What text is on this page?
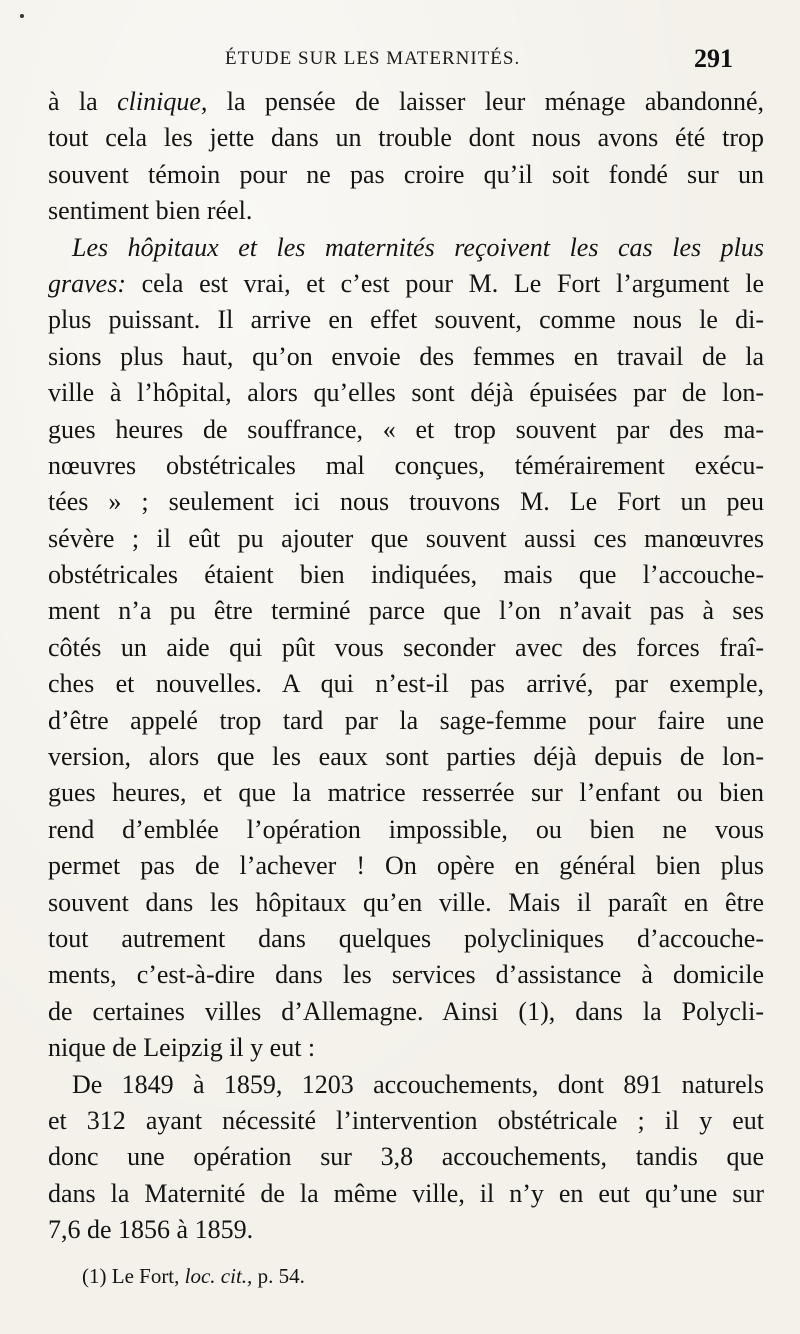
ÉTUDE SUR LES MATERNITÉS.	291
à la clinique, la pensée de laisser leur ménage abandonné,
tout cela les jette dans un trouble dont nous avons été trop
souvent témoin pour ne pas croire qu’il soit fondé sur un
sentiment bien réel.
Les hôpitaux et les maternités reçoivent les cas les plus
graves: cela est vrai, et c’est pour M. Le Fort l’argument le
plus puissant. Il arrive en effet souvent, comme nous le di-
sions plus haut, qu’on envoie des femmes en travail de la
ville à l’hôpital, alors qu’elles sont déjà épuisées par de lon-
gues heures de souffrance, « et trop souvent par des ma-
nœuvres obstétricales mal conçues, témérairement exécu-
tées » ; seulement ici nous trouvons M. Le Fort un peu
sévère ; il eût pu ajouter que souvent aussi ces manœuvres
obstétricales étaient bien indiquées, mais que l’accouche-
ment n’a pu être terminé parce que l’on n’avait pas à ses
côtés un aide qui pût vous seconder avec des forces fraî-
ches et nouvelles. A qui n’est-il pas arrivé, par exemple,
d’être appelé trop tard par la sage-femme pour faire une
version, alors que les eaux sont parties déjà depuis de lon-
gues heures, et que la matrice resserrée sur l’enfant ou bien
rend d’emblée l’opération impossible, ou bien ne vous
permet pas de l’achever ! On opère en général bien plus
souvent dans les hôpitaux qu’en ville. Mais il paraît en être
tout autrement dans quelques polycliniques d’accouche-
ments, c’est-à-dire dans les services d’assistance à domicile
de certaines villes d’Allemagne. Ainsi (1), dans la Polycli-
nique de Leipzig il y eut :
De 1849 à 1859, 1203 accouchements, dont 891 naturels
et 312 ayant nécessité l’intervention obstétricale ; il y eut
donc une opération sur 3,8 accouchements, tandis que
dans la Maternité de la même ville, il n’y en eut qu’une sur
7,6 de 1856 à 1859.
(1) Le Fort, loc. cit., p. 54.
